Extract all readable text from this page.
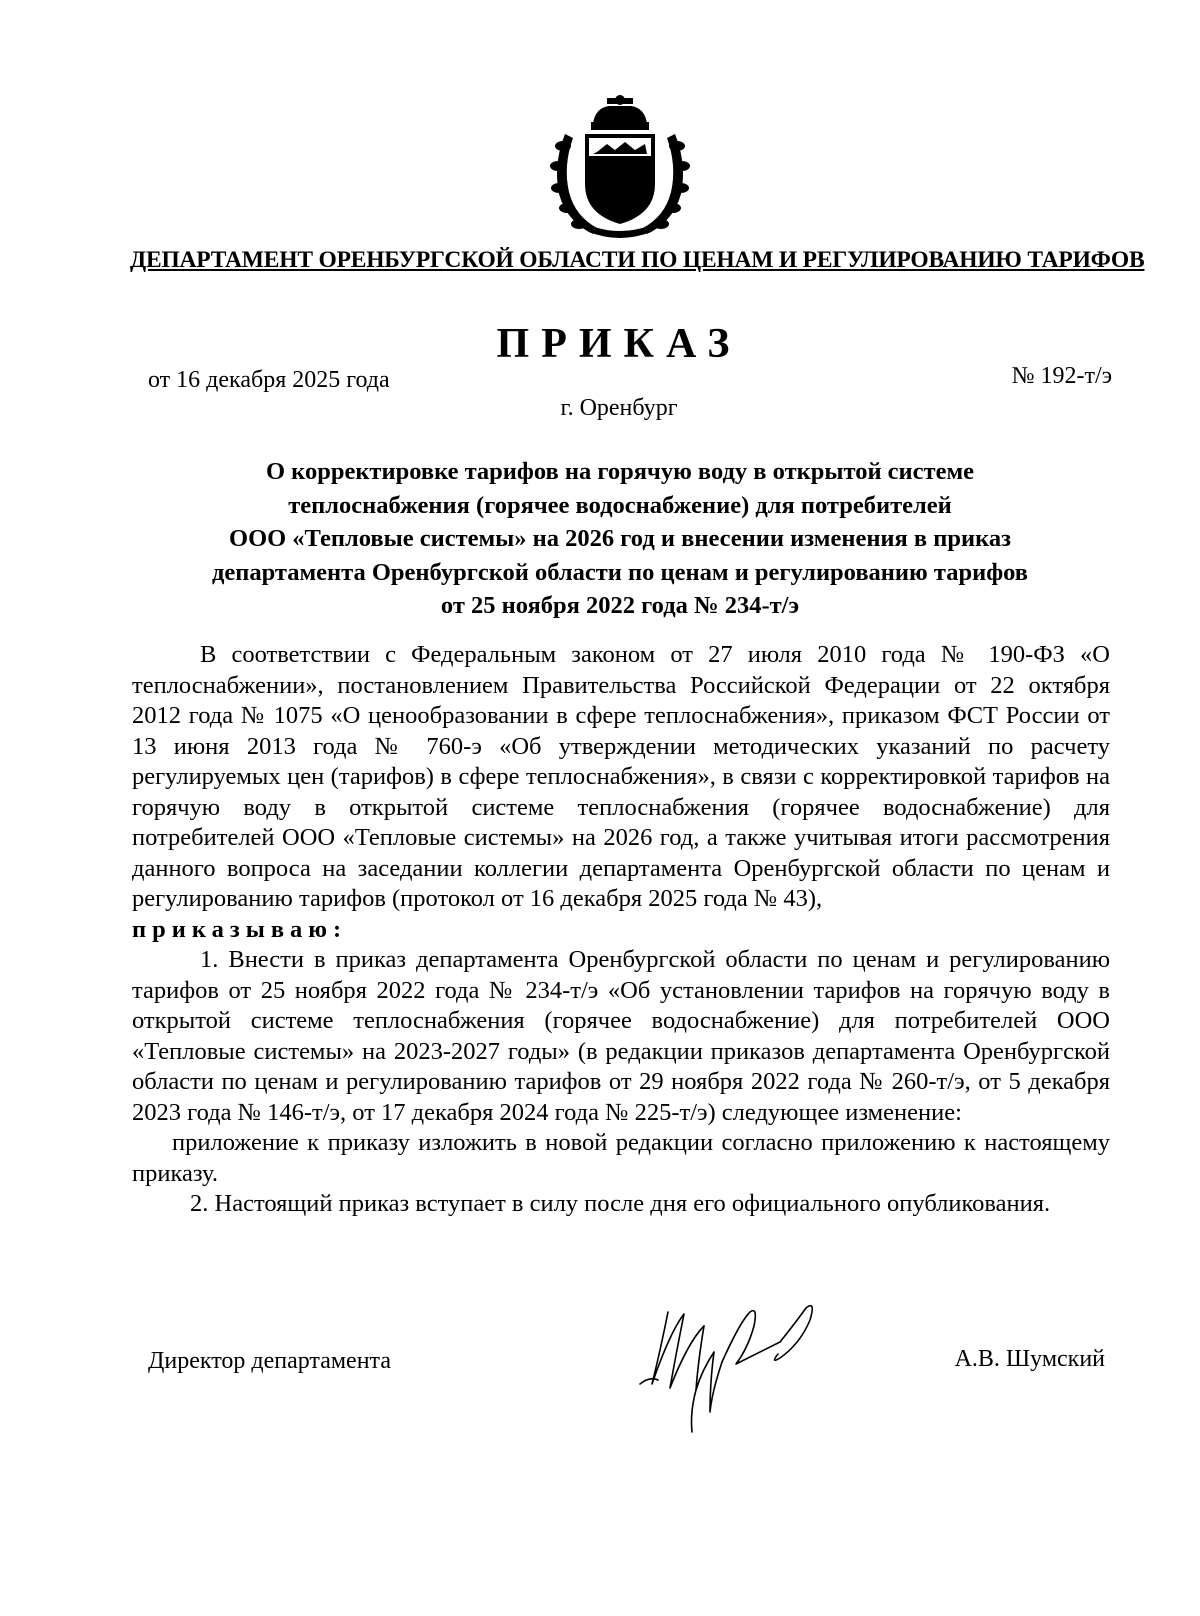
ДЕПАРТАМЕНТ ОРЕНБУРГСКОЙ ОБЛАСТИ ПО ЦЕНАМ И РЕГУЛИРОВАНИЮ ТАРИФОВ
ПРИКАЗ
от 16 декабря 2025 года	№ 192-т/э
г. Оренбург
О корректировке тарифов на горячую воду в открытой системе
теплоснабжения (горячее водоснабжение) для потребителей
ООО «Тепловые системы» на 2026 год и внесении изменения в приказ
департамента Оренбургской области по ценам и регулированию тарифов
от 25 ноября 2022 года № 234-т/э

В соответствии с Федеральным законом от 27 июля 2010 года № 190-ФЗ «О теплоснабжении», постановлением Правительства Российской Федерации от 22 октября 2012 года № 1075 «О ценообразовании в сфере теплоснабжения», приказом ФСТ России от 13 июня 2013 года № 760-э «Об утверждении методических указаний по расчету регулируемых цен (тарифов) в сфере теплоснабжения», в связи с корректировкой тарифов на горячую воду в открытой системе теплоснабжения (горячее водоснабжение) для потребителей ООО «Тепловые системы» на 2026 год, а также учитывая итоги рассмотрения данного вопроса на заседании коллегии департамента Оренбургской области по ценам и регулированию тарифов (протокол от 16 декабря 2025 года № 43),

приказываю:

1. Внести в приказ департамента Оренбургской области по ценам и регулированию тарифов от 25 ноября 2022 года № 234-т/э «Об установлении тарифов на горячую воду в открытой системе теплоснабжения (горячее водоснабжение) для потребителей ООО «Тепловые системы» на 2023-2027 годы» (в редакции приказов департамента Оренбургской области по ценам и регулированию тарифов от 29 ноября 2022 года № 260-т/э, от 5 декабря 2023 года № 146-т/э, от 17 декабря 2024 года № 225-т/э) следующее изменение:

приложение к приказу изложить в новой редакции согласно приложению к настоящему приказу.

2. Настоящий приказ вступает в силу после дня его официального опубликования.

Директор департамента	А.В. Шумский
